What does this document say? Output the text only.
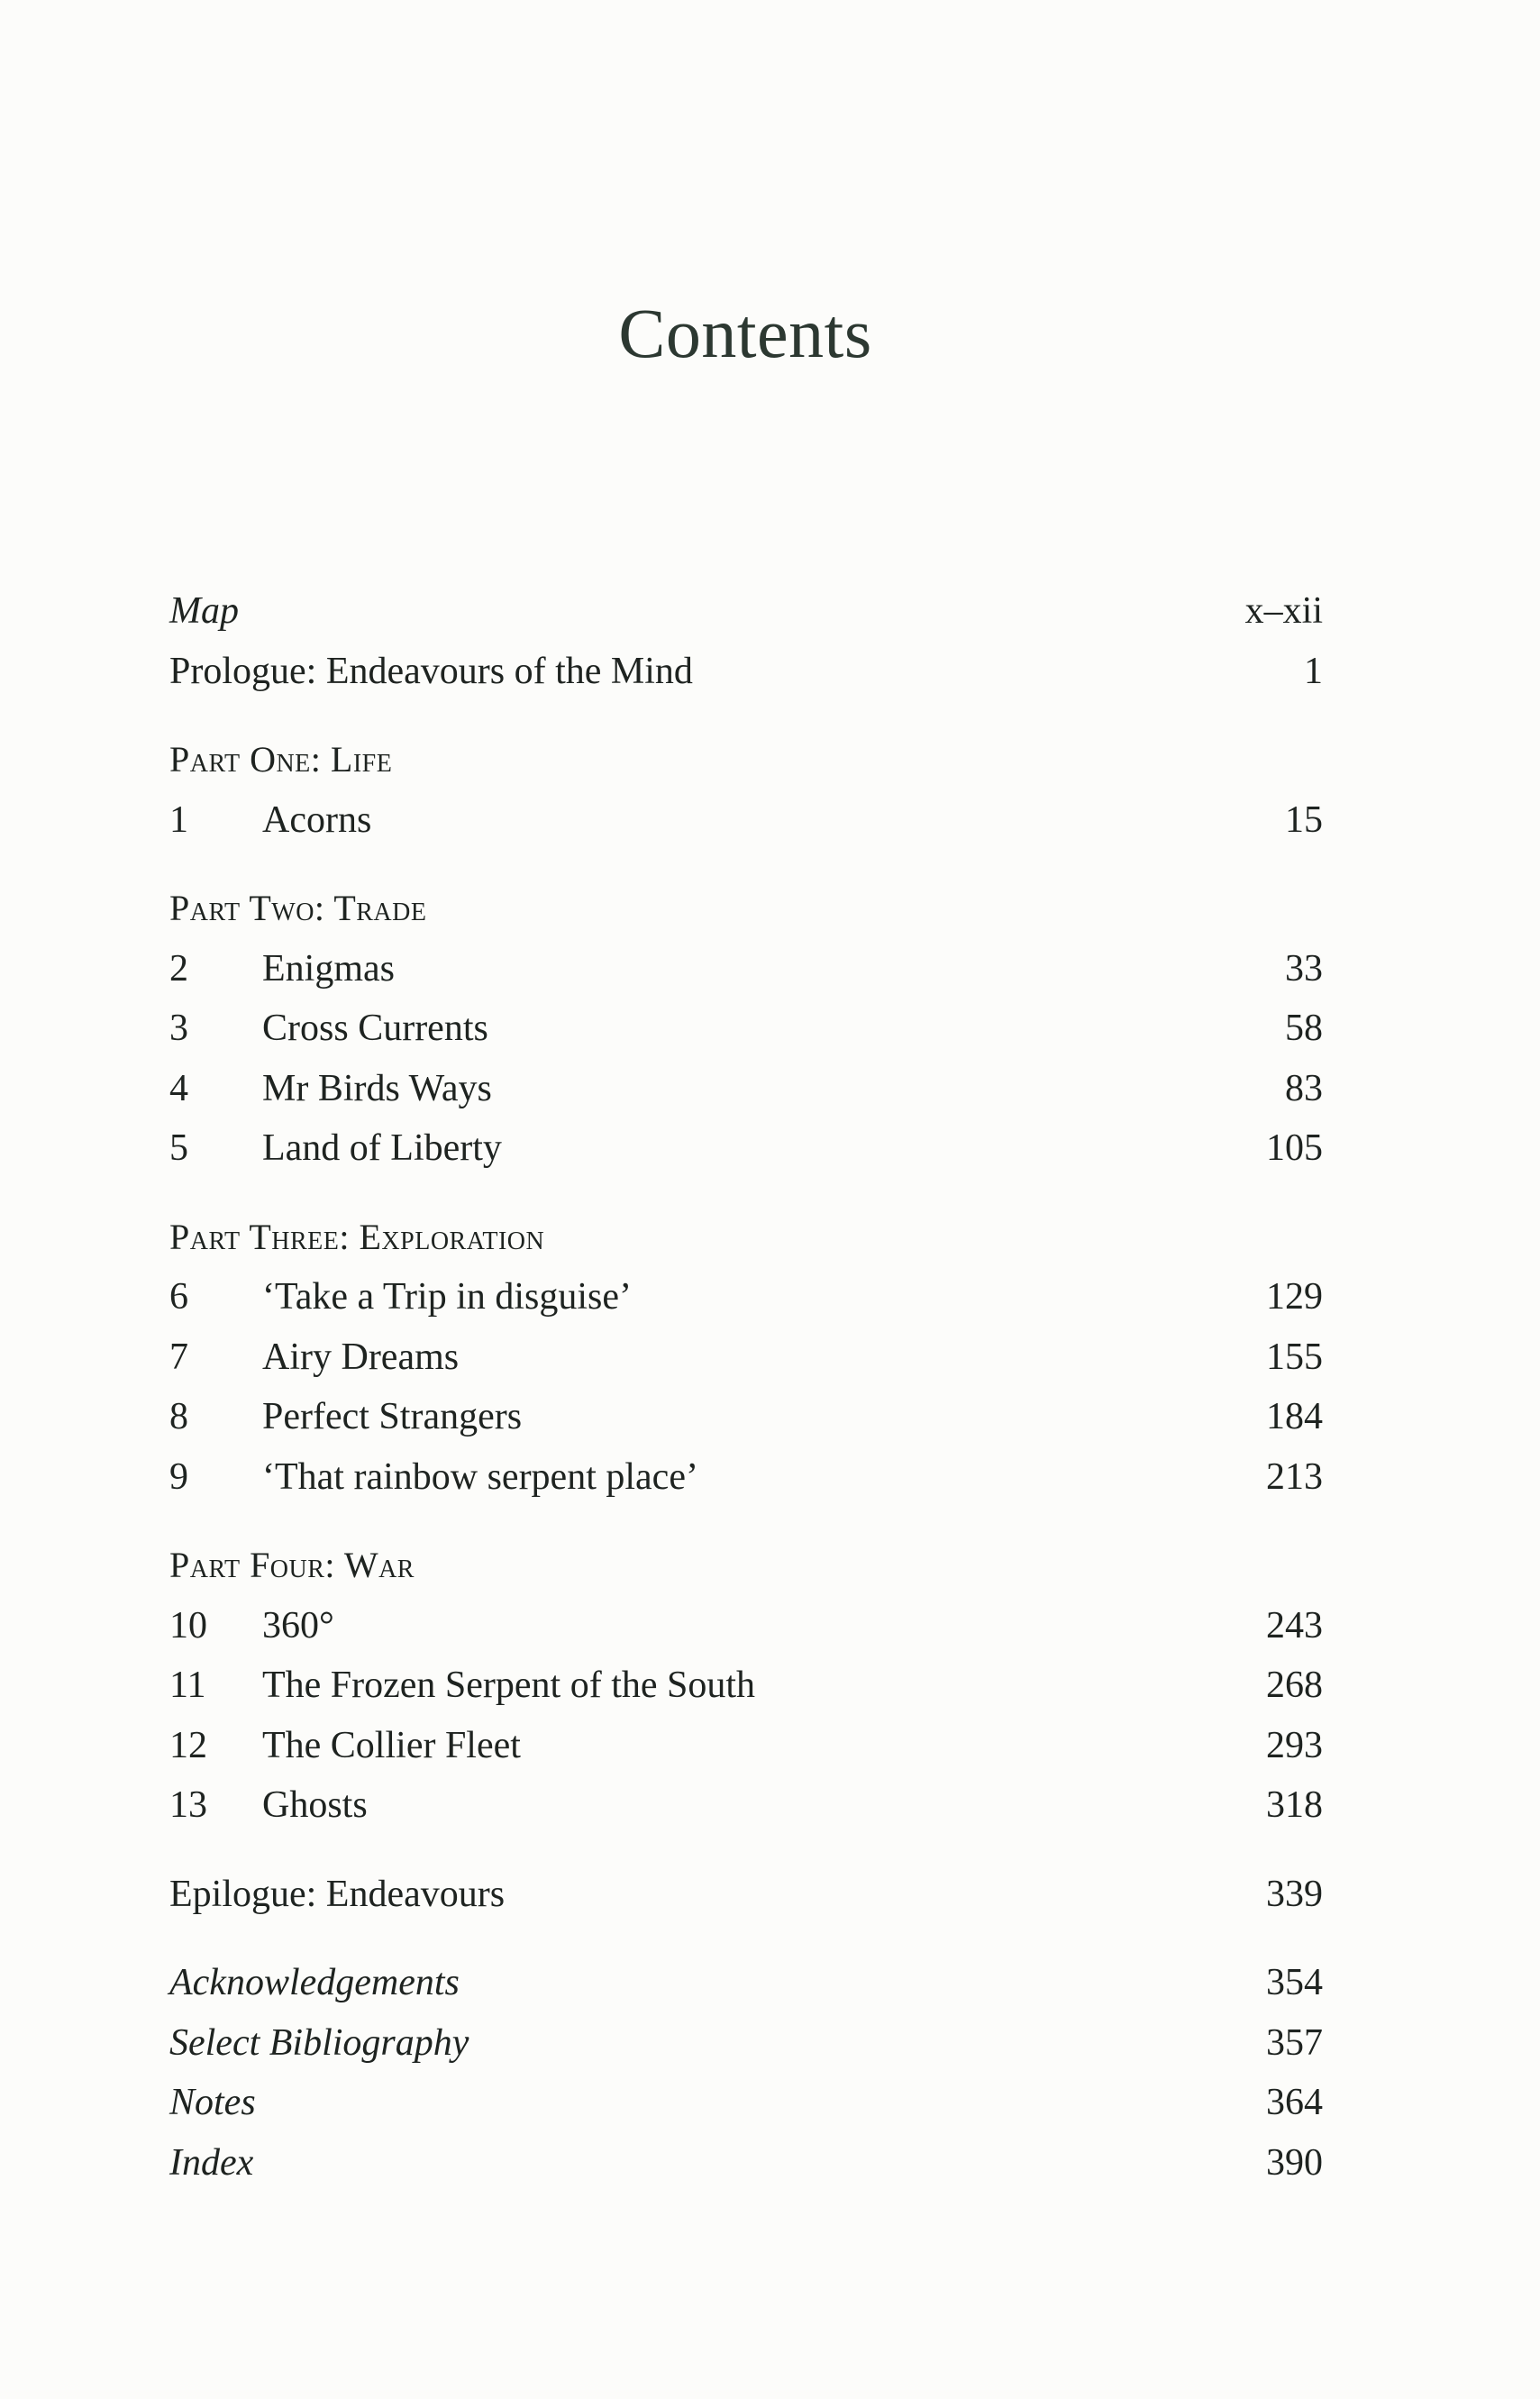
Contents
Map	x–xii
Prologue: Endeavours of the Mind	1
Part One: Life
1 Acorns	15
Part Two: Trade
2 Enigmas	33
3 Cross Currents	58
4 Mr Birds Ways	83
5 Land of Liberty	105
Part Three: Exploration
6 ‘Take a Trip in disguise’	129
7 Airy Dreams	155
8 Perfect Strangers	184
9 ‘That rainbow serpent place’	213
Part Four: War
10 360°	243
11 The Frozen Serpent of the South	268
12 The Collier Fleet	293
13 Ghosts	318
Epilogue: Endeavours	339
Acknowledgements	354
Select Bibliography	357
Notes	364
Index	390
